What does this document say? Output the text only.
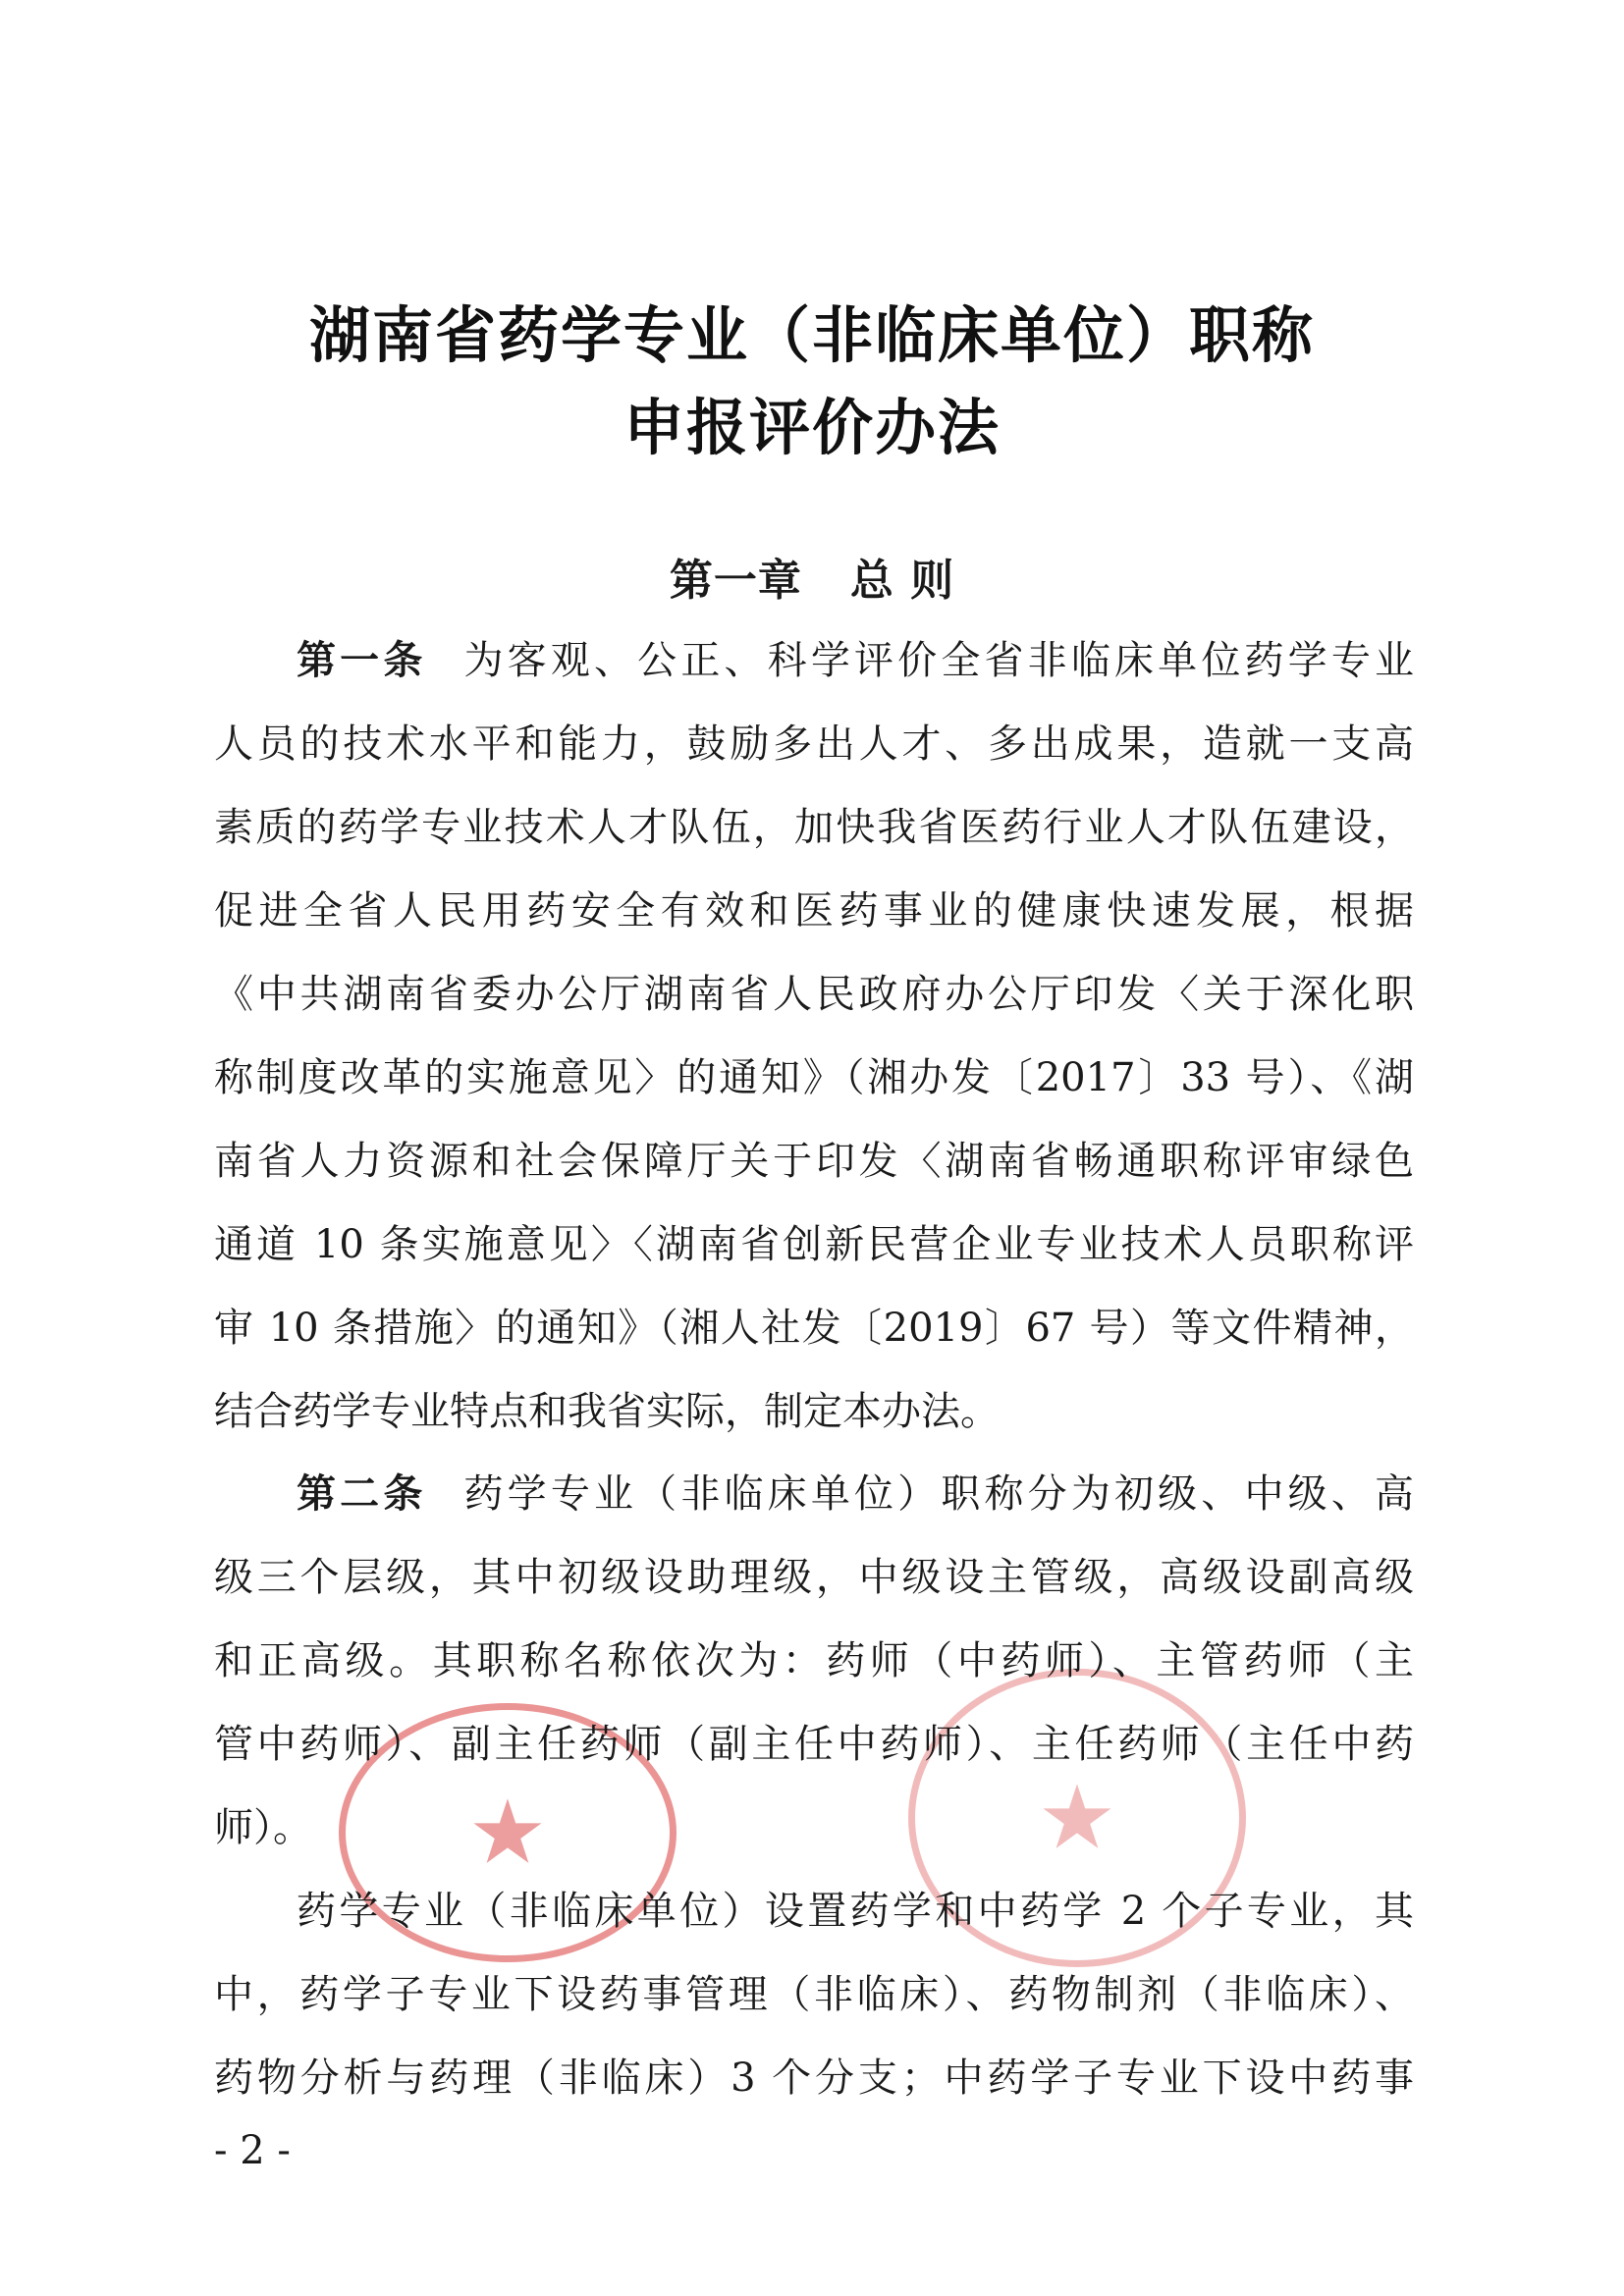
★	★
湖南省药学专业（非临床单位）职称
申报评价办法
第一章   总 则
第一条 为客观、公正、科学评价全省非临床单位药学专业
人员的技术水平和能力，鼓励多出人才、多出成果，造就一支高
素质的药学专业技术人才队伍，加快我省医药行业人才队伍建设，
促进全省人民用药安全有效和医药事业的健康快速发展，根据
《中共湖南省委办公厅湖南省人民政府办公厅印发〈关于深化职
称制度改革的实施意见〉的通知》（湘办发〔2017〕33 号）、《湖
南省人力资源和社会保障厅关于印发〈湖南省畅通职称评审绿色
通道 10 条实施意见〉〈湖南省创新民营企业专业技术人员职称评
审 10 条措施〉的通知》（湘人社发〔2019〕67 号）等文件精神，
结合药学专业特点和我省实际，制定本办法。
第二条 药学专业（非临床单位）职称分为初级、中级、高
级三个层级，其中初级设助理级，中级设主管级，高级设副高级
和正高级。其职称名称依次为：药师（中药师）、主管药师（主
管中药师）、副主任药师（副主任中药师）、主任药师（主任中药
师）。
药学专业（非临床单位）设置药学和中药学 2 个子专业，其
中，药学子专业下设药事管理（非临床）、药物制剂（非临床）、
药物分析与药理（非临床）3 个分支；中药学子专业下设中药事
- 2 -
